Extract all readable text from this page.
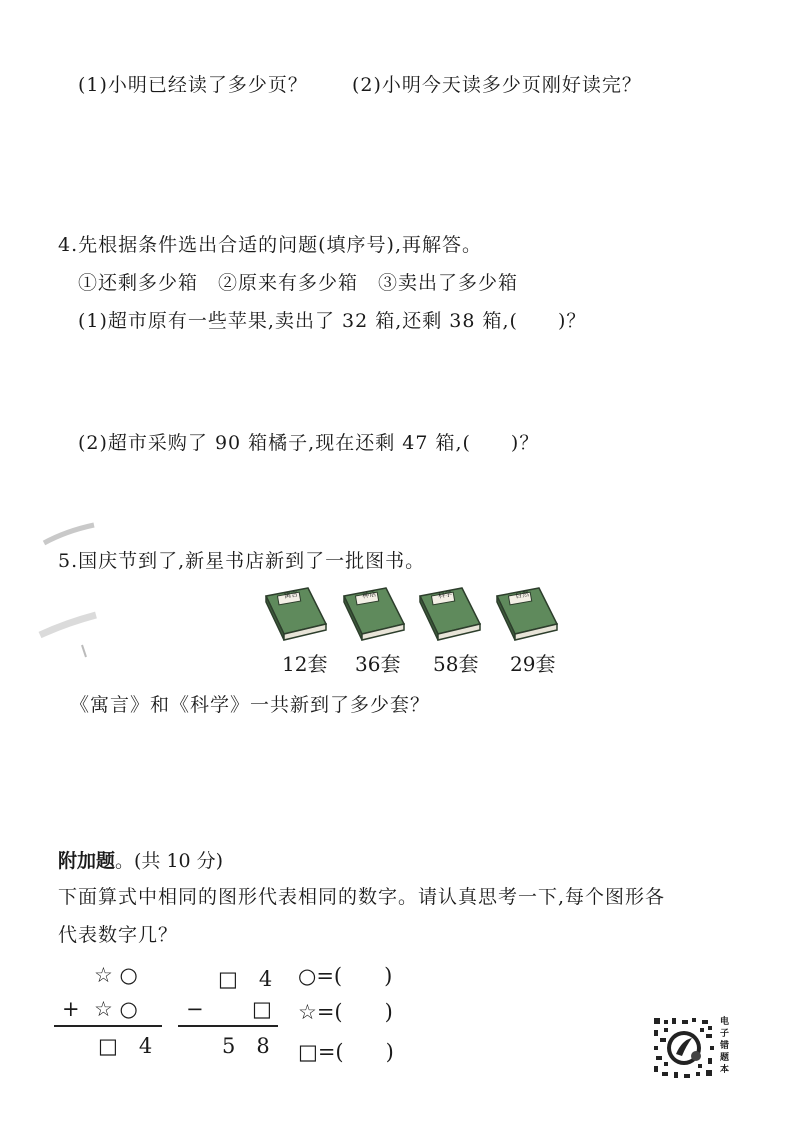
(1)小明已经读了多少页？ (2)小明今天读多少页刚好读完？
4.先根据条件选出合适的问题(填序号),再解答。
①还剩多少箱　②原来有多少箱　③卖出了多少箱
(1)超市原有一些苹果,卖出了 32 箱,还剩 38 箱,(　　)？
(2)超市采购了 90 箱橘子,现在还剩 47 箱,(　　)？
5.国庆节到了,新星书店新到了一批图书。
寓言	神话	科学	自然
12套 36套 58套 29套
《寓言》和《科学》一共新到了多少套？
附加题。(共 10 分)
下面算式中相同的图形代表相同的数字。请认真思考一下,每个图形各
代表数字几？
☆ ○
+ ☆ ○
□　4
□　4
− □
5　8
○=(　　)
☆=(　　)
□=(　　)
电
子
错
题
本
